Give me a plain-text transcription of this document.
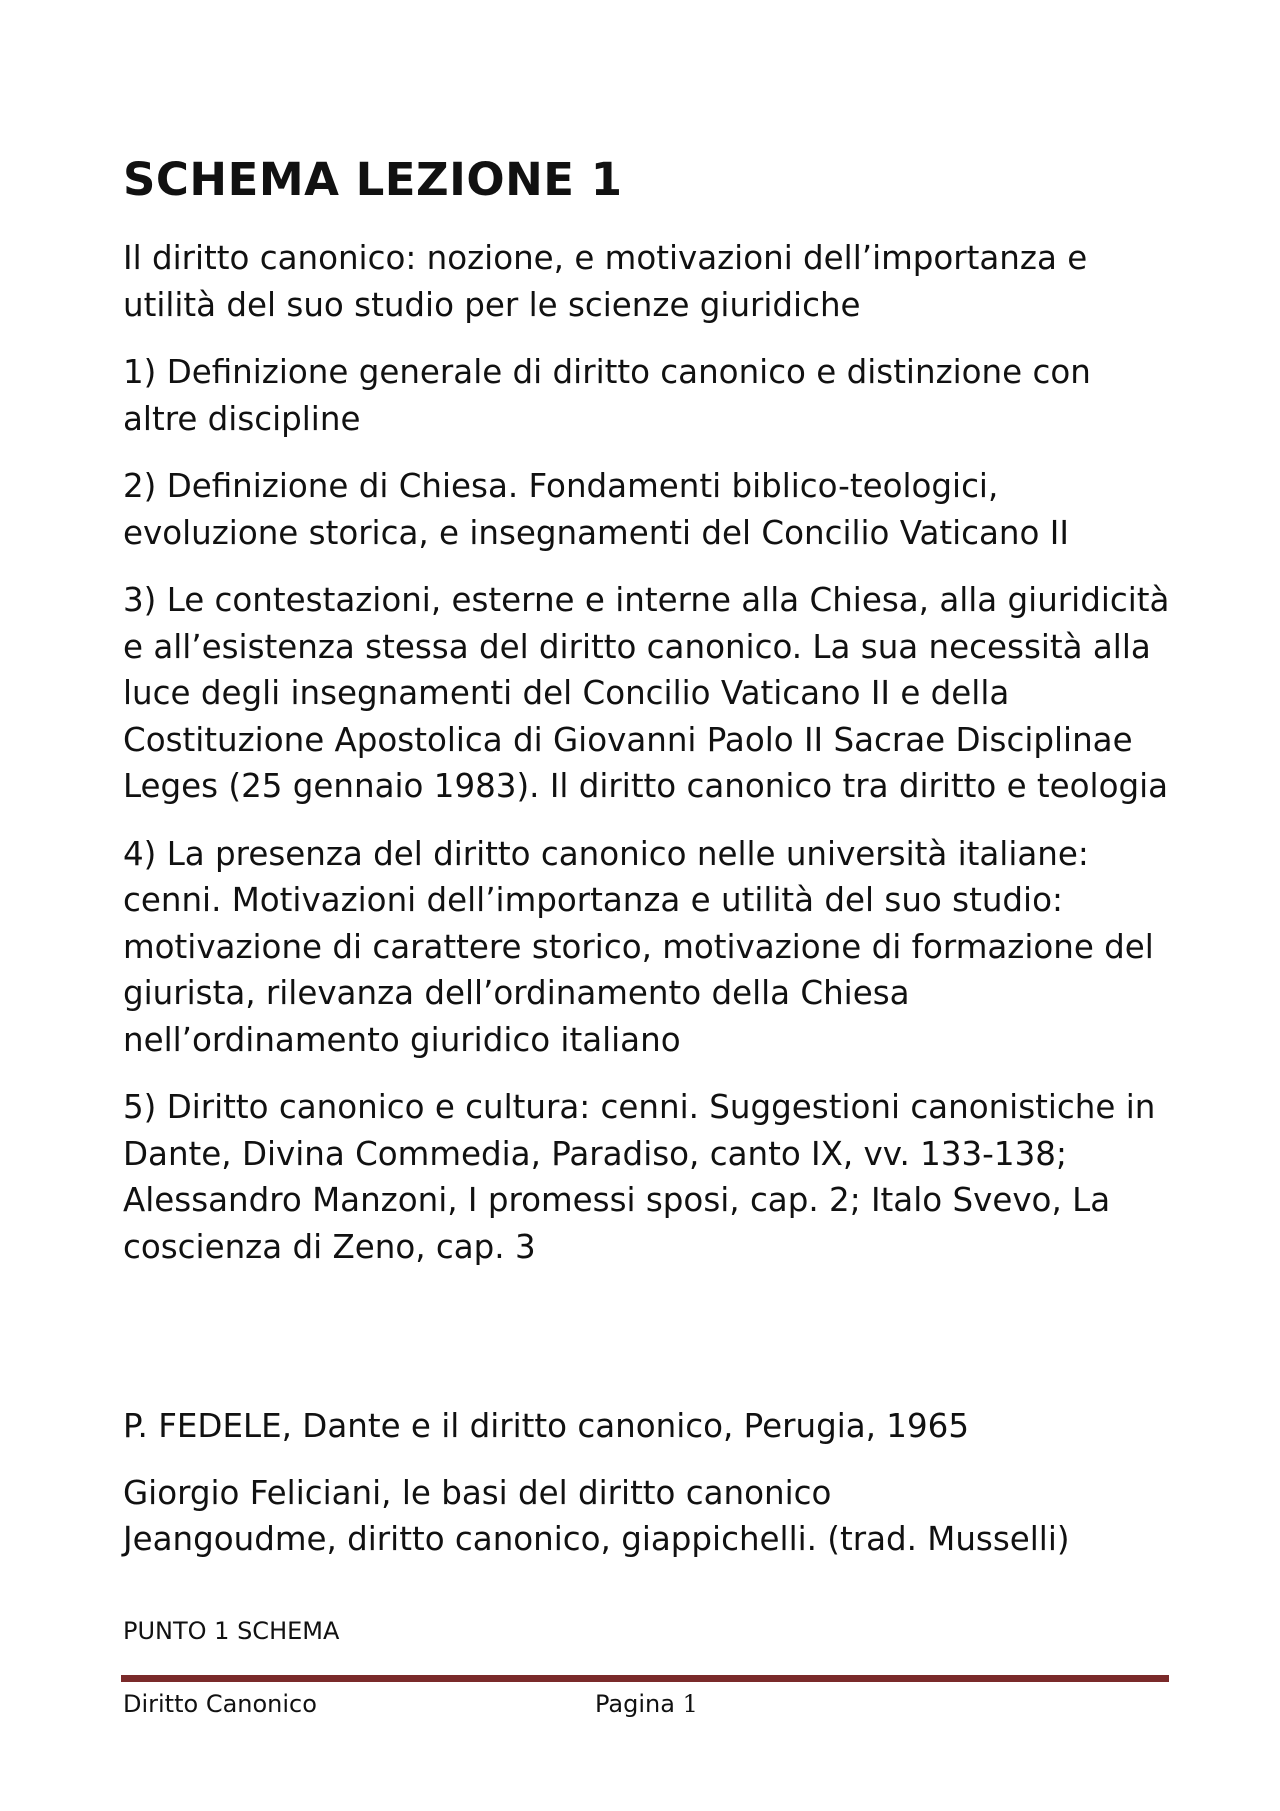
SCHEMA LEZIONE 1

Il diritto canonico: nozione, e motivazioni dell’importanza e utilità del suo studio per le scienze giuridiche

1) Definizione generale di diritto canonico e distinzione con altre discipline

2) Definizione di Chiesa. Fondamenti biblico-teologici, evoluzione storica, e insegnamenti del Concilio Vaticano II

3) Le contestazioni, esterne e interne alla Chiesa, alla giuridicità e all’esistenza stessa del diritto canonico. La sua necessità alla luce degli insegnamenti del Concilio Vaticano II e della Costituzione Apostolica di Giovanni Paolo II Sacrae Disciplinae Leges (25 gennaio 1983). Il diritto canonico tra diritto e teologia

4) La presenza del diritto canonico nelle università italiane: cenni. Motivazioni dell’importanza e utilità del suo studio: motivazione di carattere storico, motivazione di formazione del giurista, rilevanza dell’ordinamento della Chiesa nell’ordinamento giuridico italiano

5) Diritto canonico e cultura: cenni. Suggestioni canonistiche in Dante, Divina Commedia, Paradiso, canto IX, vv. 133-138; Alessandro Manzoni, I promessi sposi, cap. 2; Italo Svevo, La coscienza di Zeno, cap. 3

P. FEDELE, Dante e il diritto canonico, Perugia, 1965

Giorgio Feliciani, le basi del diritto canonico

Jeangoudme, diritto canonico, giappichelli. (trad. Musselli)

PUNTO 1 SCHEMA

Diritto Canonico	Pagina 1
